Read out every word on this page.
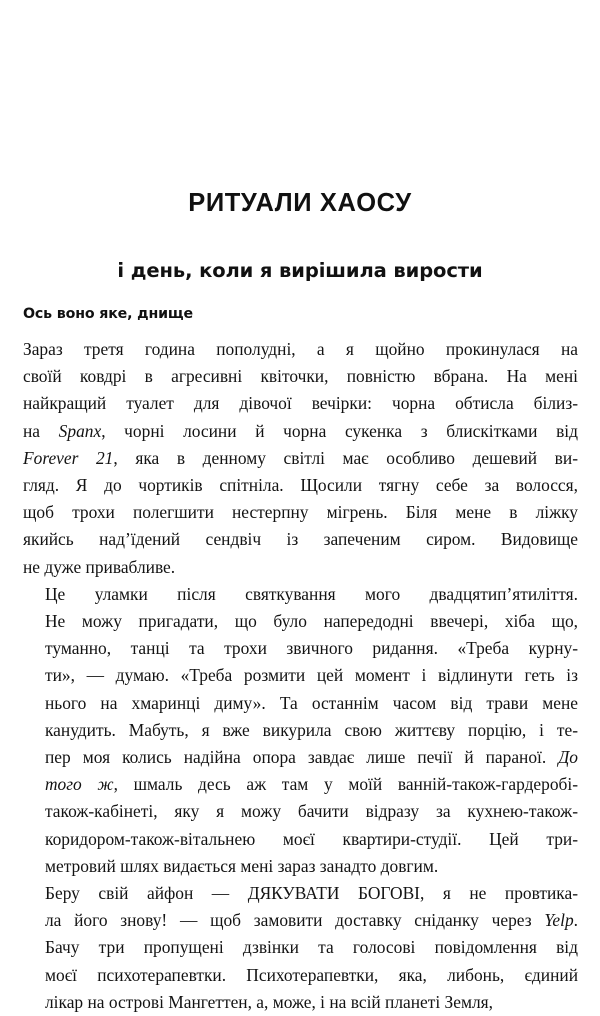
РИТУАЛИ ХАОСУ
і день, коли я вирішила вирости
Ось воно яке, днище

Зараз третя година пополудні, а я щойно прокинулася на
своїй ковдрі в агресивні квіточки, повністю вбрана. На мені
найкращий туалет для дівочої вечірки: чорна обтисла білиз-
на Spanx, чорні лосини й чорна сукенка з блискітками від
Forever 21, яка в денному світлі має особливо дешевий ви-
гляд. Я до чортиків спітніла. Щосили тягну себе за волосся,
щоб трохи полегшити нестерпну мігрень. Біля мене в ліжку
якийсь над’їдений сендвіч із запеченим сиром. Видовище
не дуже привабливе.

Це уламки після святкування мого двадцятип’ятиліття.
Не можу пригадати, що було напередодні ввечері, хіба що,
туманно, танці та трохи звичного ридання. «Треба курну-
ти», — думаю. «Треба розмити цей момент і відлинути геть із
нього на хмаринці диму». Та останнім часом від трави мене
канудить. Мабуть, я вже викурила свою життєву порцію, і те-
пер моя колись надійна опора завдає лише печії й параної. До
того ж, шмаль десь аж там у моїй ванній-також-гардеробі-
також-кабінеті, яку я можу бачити відразу за кухнею-також-
коридором-також-вітальнею моєї квартири-студії. Цей три-
метровий шлях видається мені зараз занадто довгим.

Беру свій айфон — ДЯКУВАТИ БОГОВІ, я не провтика-
ла його знову! — щоб замовити доставку сніданку через Yelp.
Бачу три пропущені дзвінки та голосові повідомлення від
моєї психотерапевтки. Психотерапевтки, яка, либонь, єдиний
лікар на острові Мангеттен, а, може, і на всій планеті Земля,
